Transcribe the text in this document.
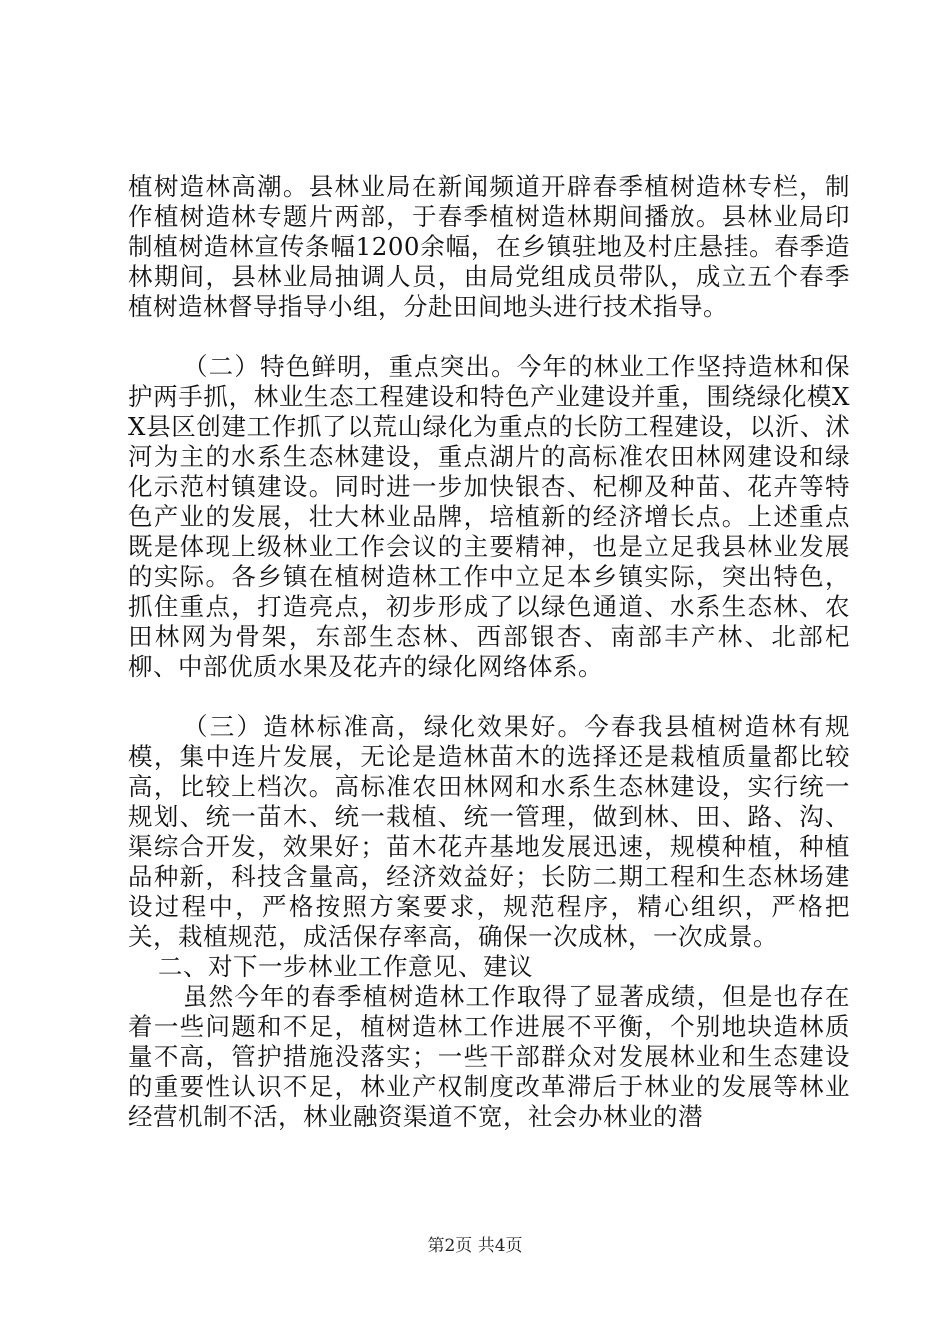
植树造林高潮。县林业局在新闻频道开辟春季植树造林专栏，制作植树造林专题片两部，于春季植树造林期间播放。县林业局印制植树造林宣传条幅1200余幅，在乡镇驻地及村庄悬挂。春季造林期间，县林业局抽调人员，由局党组成员带队，成立五个春季植树造林督导指导小组，分赴田间地头进行技术指导。

（二）特色鲜明，重点突出。今年的林业工作坚持造林和保护两手抓，林业生态工程建设和特色产业建设并重，围绕绿化模XX县区创建工作抓了以荒山绿化为重点的长防工程建设，以沂、沭河为主的水系生态林建设，重点湖片的高标准农田林网建设和绿化示范村镇建设。同时进一步加快银杏、杞柳及种苗、花卉等特色产业的发展，壮大林业品牌，培植新的经济增长点。上述重点既是体现上级林业工作会议的主要精神，也是立足我县林业发展的实际。各乡镇在植树造林工作中立足本乡镇实际，突出特色，抓住重点，打造亮点，初步形成了以绿色通道、水系生态林、农田林网为骨架，东部生态林、西部银杏、南部丰产林、北部杞柳、中部优质水果及花卉的绿化网络体系。

（三）造林标准高，绿化效果好。今春我县植树造林有规模，集中连片发展，无论是造林苗木的选择还是栽植质量都比较高，比较上档次。高标准农田林网和水系生态林建设，实行统一规划、统一苗木、统一栽植、统一管理，做到林、田、路、沟、渠综合开发，效果好；苗木花卉基地发展迅速，规模种植，种植品种新，科技含量高，经济效益好；长防二期工程和生态林场建设过程中，严格按照方案要求，规范程序，精心组织，严格把关，栽植规范，成活保存率高，确保一次成林，一次成景。

二、对下一步林业工作意见、建议

虽然今年的春季植树造林工作取得了显著成绩，但是也存在着一些问题和不足，植树造林工作进展不平衡，个别地块造林质量不高，管护措施没落实；一些干部群众对发展林业和生态建设的重要性认识不足，林业产权制度改革滞后于林业的发展等林业经营机制不活，林业融资渠道不宽，社会办林业的潜

第2页 共4页
